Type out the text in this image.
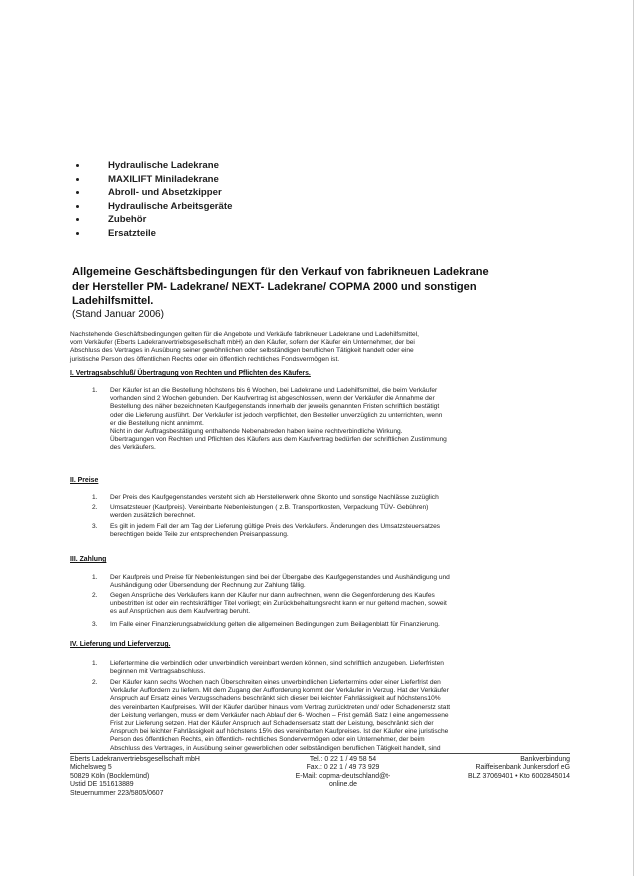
Hydraulische Ladekrane
MAXILIFT Miniladekrane
Abroll- und Absetzkipper
Hydraulische Arbeitsgeräte
Zubehör
Ersatzteile
Allgemeine Geschäftsbedingungen für den Verkauf von fabrikneuen Ladekrane
der Hersteller PM- Ladekrane/ NEXT- Ladekrane/ COPMA 2000 und sonstigen
Ladehilfsmittel.
(Stand Januar 2006)
Nachstehende Geschäftsbedingungen gelten für die Angebote und Verkäufe fabrikneuer Ladekrane und Ladehilfsmittel,
vom Verkäufer (Eberts Ladekranvertriebsgesellschaft mbH) an den Käufer, sofern der Käufer ein Unternehmer, der bei
Abschluss des Vertrages in Ausübung seiner gewöhnlichen oder selbständigen beruflichen Tätigkeit handelt oder eine
juristische Person des öffentlichen Rechts oder ein öffentlich rechtliches Fondsvermögen ist.
I. Vertragsabschluß/ Übertragung von Rechten und Pflichten des Käufers.
1. Der Käufer ist an die Bestellung höchstens bis 6 Wochen, bei Ladekrane und Ladehilfsmittel, die beim Verkäufer
vorhanden sind 2 Wochen gebunden. Der Kaufvertrag ist abgeschlossen, wenn der Verkäufer die Annahme der
Bestellung des näher bezeichneten Kaufgegenstands innerhalb der jeweils genannten Fristen schriftlich bestätigt
oder die Lieferung ausführt. Der Verkäufer ist jedoch verpflichtet, den Besteller unverzüglich zu unterrichten, wenn
er die Bestellung nicht annimmt.
Nicht in der Auftragsbestätigung enthaltende Nebenabreden haben keine rechtverbindliche Wirkung.
Übertragungen von Rechten und Pflichten des Käufers aus dem Kaufvertrag bedürfen der schriftlichen Zustimmung
des Verkäufers.
II. Preise
1. Der Preis des Kaufgegenstandes versteht sich ab Herstellerwerk ohne Skonto und sonstige Nachlässe zuzüglich
2. Umsatzsteuer (Kaufpreis). Vereinbarte Nebenleistungen ( z.B. Transportkosten, Verpackung TÜV- Gebühren)
werden zusätzlich berechnet.
3. Es gilt in jedem Fall der am Tag der Lieferung gültige Preis des Verkäufers. Änderungen des Umsatzsteuersatzes
berechtigen beide Teile zur entsprechenden Preisanpassung.
III. Zahlung
1. Der Kaufpreis und Preise für Nebenleistungen sind bei der Übergabe des Kaufgegenstandes und Aushändigung und
Aushändigung oder Übersendung der Rechnung zur Zahlung fällig.
2. Gegen Ansprüche des Verkäufers kann der Käufer nur dann aufrechnen, wenn die Gegenforderung des Kaufes
unbestritten ist oder ein rechtskräftiger Titel vorliegt; ein Zurückbehaltungsrecht kann er nur geltend machen, soweit
es auf Ansprüchen aus dem Kaufvertrag beruht.
3. Im Falle einer Finanzierungsabwicklung gelten die allgemeinen Bedingungen zum Beilagenblatt für Finanzierung.
IV. Lieferung und Lieferverzug.
1. Liefertermine die verbindlich oder unverbindlich vereinbart werden können, sind schriftlich anzugeben. Lieferfristen
beginnen mit Vertragsabschluss.
2. Der Käufer kann sechs Wochen nach Überschreiten eines unverbindlichen Liefertermins oder einer Lieferfrist den
Verkäufer Auffordern zu liefern. Mit dem Zugang der Aufforderung kommt der Verkäufer in Verzug. Hat der Verkäufer
Anspruch auf Ersatz eines Verzugsschadens beschränkt sich dieser bei leichter Fahrlässigkeit auf höchstens10%
des vereinbarten Kaufpreises. Will der Käufer darüber hinaus vom Vertrag zurücktreten und/ oder Schadenerstz statt
der Leistung verlangen, muss er dem Verkäufer nach Ablauf der 6- Wochen – Frist gemäß Satz l eine angemessene
Frist zur Lieferung setzen. Hat der Käufer Anspruch auf Schadensersatz statt der Leistung, beschränkt sich der
Anspruch bei leichter Fahrlässigkeit auf höchstens 15% des vereinbarten Kaufpreises. Ist der Käufer eine juristische
Person des öffentlichen Rechts, ein öffentlich- rechtliches Sondervermögen oder ein Unternehmer, der beim
Abschluss des Vertrages, in Ausübung seiner gewerblichen oder selbständigen beruflichen Tätigkeit handelt, sind
Eberts Ladekranvertriebsgesellschaft mbH
Michelsweg 5
50829 Köln (Bocklemünd)
Ustid DE 151613889
Steuernummer 223/5805/0607
Tel.: 0 22 1 / 49 58 54
Fax.: 0 22 1 / 49 73 929
E-Mail: copma-deutschland@t-
online.de
Bankverbindung
Raiffeisenbank Junkersdorf eG
BLZ 37069401 • Kto 6002845014
